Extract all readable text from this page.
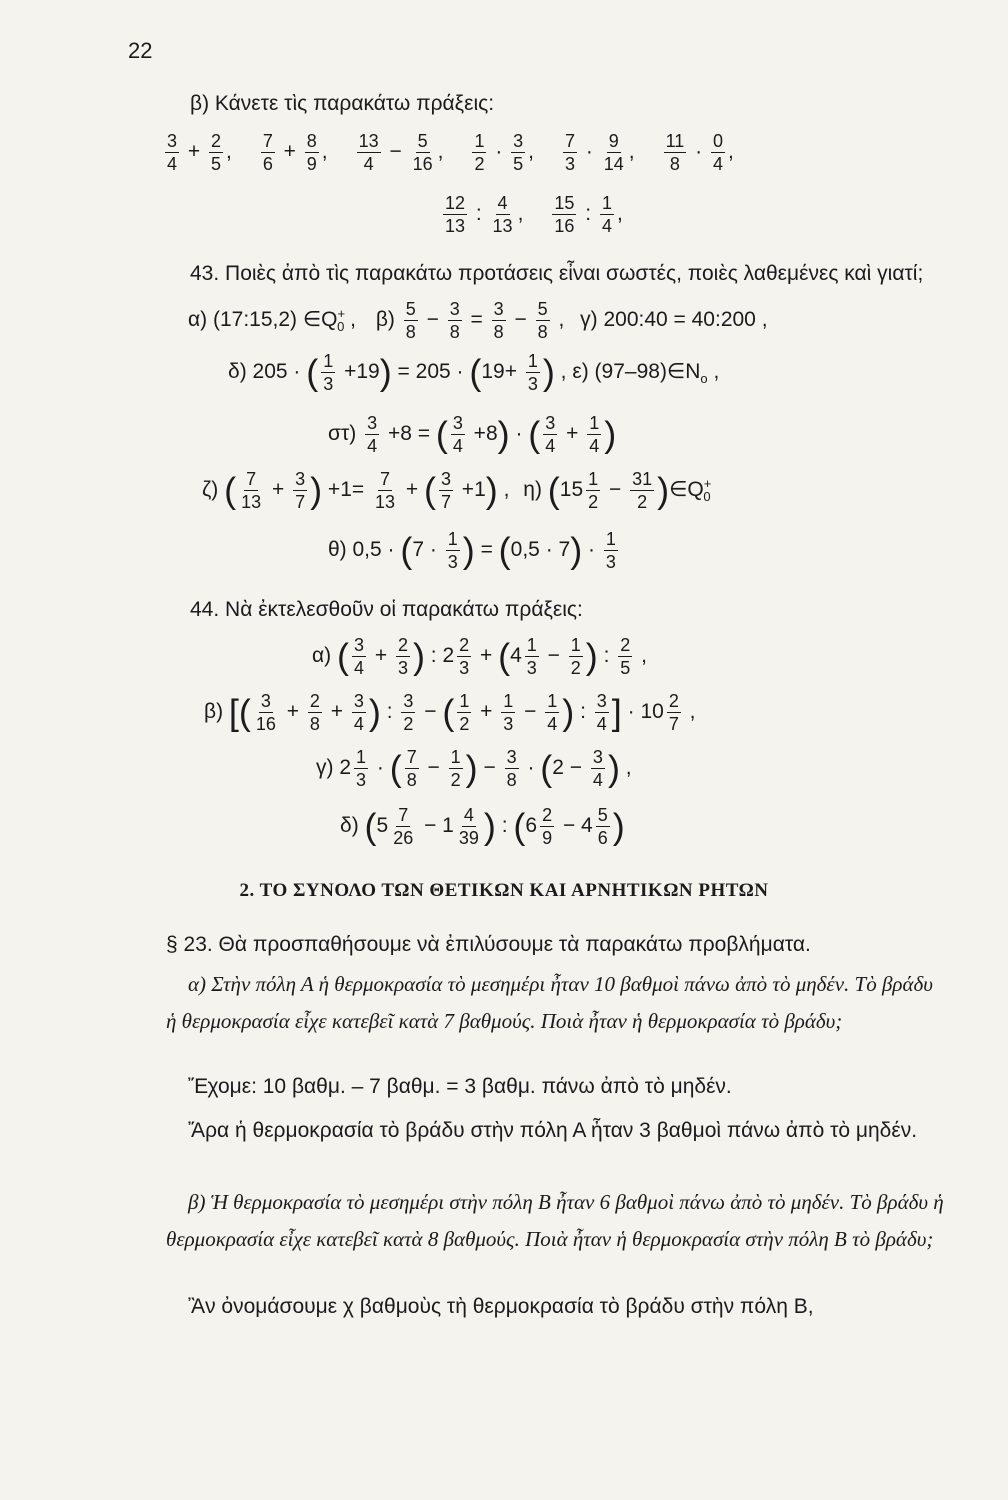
22
β) Κάνετε τὶς παρακάτω πράξεις:
$\frac{3}{4} + \frac{2}{5}$ , $\frac{7}{6} + \frac{8}{9}$ , $\frac{13}{4} - \frac{5}{16}$ , $\frac{1}{2} \cdot \frac{3}{5}$ , $\frac{7}{3} \cdot \frac{9}{14}$ , $\frac{11}{8} \cdot \frac{0}{4}$ ,
$\frac{12}{13}$ : $\frac{4}{13}$ , $\frac{15}{16}$ : $\frac{1}{4}$ ,
43. Ποιὲς ἀπὸ τὶς παρακάτω προτάσεις εἶναι σωστές, ποιὲς λαθεμένες καὶ γιατί;
α) (17:15,2) $\in Q^+_0$ , $\beta) \frac{5}{8} - \frac{3}{8} = \frac{3}{8} - \frac{5}{8}$ , γ) 200:40 = 40:200 ,
δ) 205 · ( $\frac{1}{3} +19) = 205 \cdot (19+ \frac{1}{3}$ ) , ε) $(97-98)\in N_o$ ,
$\sigma\tau) \frac{3}{4} +8$ = ( $\frac{3}{4} +8$) · ( $\frac{3}{4} + \frac{1}{4}$ )
ζ) ( $\frac{7}{13} + \frac{3}{7}$ ) $+1= \frac{7}{13}$ + ( $\frac{3}{7} +1$) , η) ($15 \frac{1}{2} - \frac{31}{2}$ )$\in Q^+_0$
θ) $0,5 \cdot (7 \cdot \frac{1}{3}$ ) = $(0,5 \cdot 7) \cdot \frac{1}{3}$
44. Νὰ ἐκτελεσθοῦν οἱ παρακάτω πράξεις:
α) ( $\frac{3}{4} + \frac{2}{3}$ ) : $2 \frac{2}{3} + (4 \frac{1}{3} - \frac{1}{2}$ ) : $\frac{2}{5}$ ,
β) [( $\frac{3}{16} + \frac{2}{8} + \frac{3}{4}$ ) : $\frac{3}{2}$ − ( $\frac{1}{2} + \frac{1}{3} - \frac{1}{4}$ ) : $\frac{3}{4}$ ] · $10 \frac{2}{7}$ ,
γ) $2 \frac{1}{3}$ · ( $\frac{7}{8} - \frac{1}{2}$ ) − $\frac{3}{8} \cdot (2 - \frac{3}{4}$ ) ,
δ) ($5 \frac{7}{26} - 1 \frac{4}{39}$ ) : ($6 \frac{2}{9} - 4 \frac{5}{6}$ )
2. ΤΟ ΣΥΝΟΛΟ ΤΩΝ ΘΕΤΙΚΩΝ ΚΑΙ ΑΡΝΗΤΙΚΩΝ ΡΗΤΩΝ
§ 23. Θὰ προσπαθήσουμε νὰ ἐπιλύσουμε τὰ παρακάτω προβλήματα.
α) Στὴν πόλη Α ἡ θερμοκρασία τὸ μεσημέρι ἦταν 10 βαθμοὶ πάνω ἀπὸ τὸ μηδέν. Τὸ βράδυ ἡ θερμοκρασία εἶχε κατεβεῖ κατὰ 7 βαθμούς. Ποιὰ ἦταν ἡ θερμοκρασία τὸ βράδυ;
Ἔχομε: 10 βαθμ. – 7 βαθμ. = 3 βαθμ. πάνω ἀπὸ τὸ μηδέν.
Ἄρα ἡ θερμοκρασία τὸ βράδυ στὴν πόλη Α ἦταν 3 βαθμοὶ πάνω ἀπὸ τὸ μηδέν.
β) Ἡ θερμοκρασία τὸ μεσημέρι στὴν πόλη Β ἦταν 6 βαθμοὶ πάνω ἀπὸ τὸ μηδέν. Τὸ βράδυ ἡ θερμοκρασία εἶχε κατεβεῖ κατὰ 8 βαθμούς. Ποιὰ ἦταν ἡ θερμοκρασία στὴν πόλη Β τὸ βράδυ;
Ἂν ὀνομάσουμε χ βαθμοὺς τὴ θερμοκρασία τὸ βράδυ στὴν πόλη Β,
